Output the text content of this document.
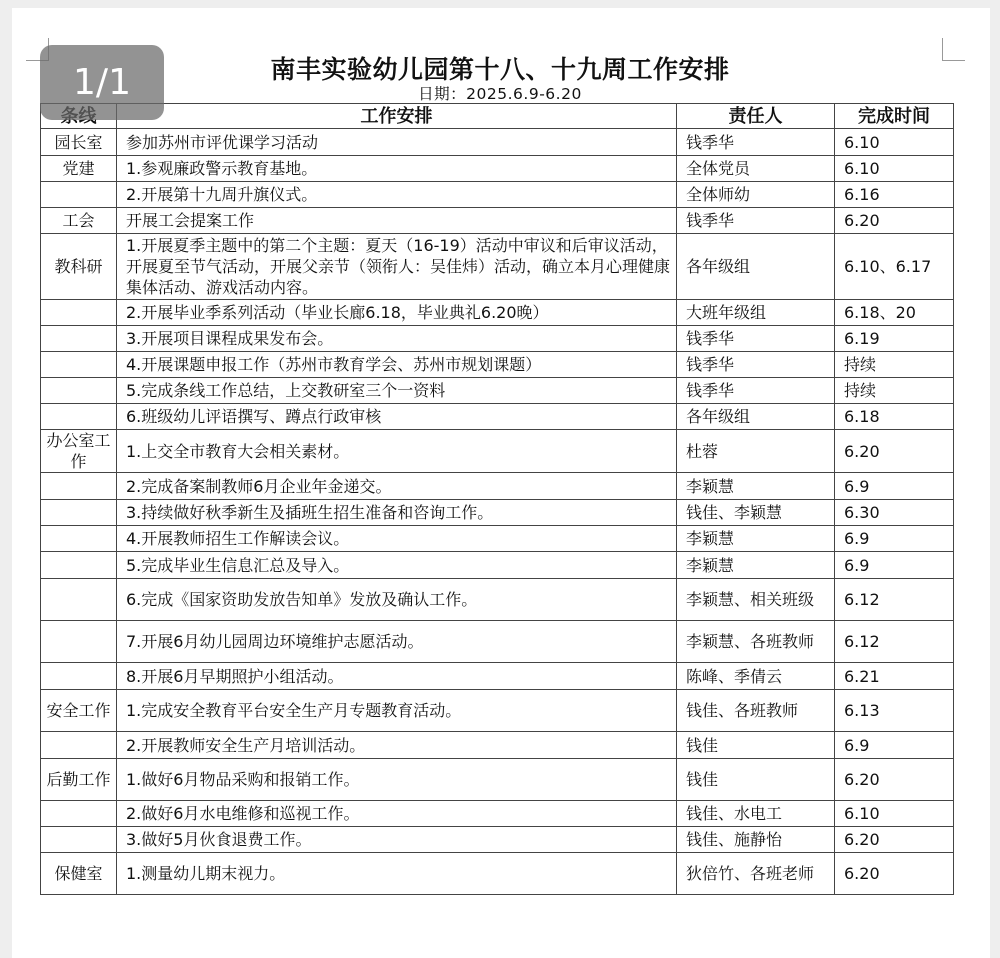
1/1	南丰实验幼儿园第十八、十九周工作安排
日期：2025.6.9-6.20
	工作安排	责任人	完成时间
园长室	参加苏州市评优课学习活动	钱季华	6.10
党建	1.参观廉政警示教育基地。	全体党员	6.10
	2.开展第十九周升旗仪式。	全体师幼	6.16
工会	开展工会提案工作	钱季华	6.20
教科研	1.开展夏季主题中的第二个主题：夏天（16-19）活动中审议和后审议活动，开展夏至节气活动，开展父亲节（领衔人：吴佳炜）活动，确立本月心理健康集体活动、游戏活动内容。	各年级组	6.10、6.17
	2.开展毕业季系列活动（毕业长廊6.18，毕业典礼6.20晚）	大班年级组	6.18、20
	3.开展项目课程成果发布会。	钱季华	6.19
	4.开展课题申报工作（苏州市教育学会、苏州市规划课题）	钱季华	持续
	5.完成条线工作总结，上交教研室三个一资料	钱季华	持续
	6.班级幼儿评语撰写、蹲点行政审核	各年级组	6.18
办公室工作	1.上交全市教育大会相关素材。	杜蓉	6.20
	2.完成备案制教师6月企业年金递交。	李颖慧	6.9
	3.持续做好秋季新生及插班生招生准备和咨询工作。	钱佳、李颖慧	6.30
	4.开展教师招生工作解读会议。	李颖慧	6.9
	5.完成毕业生信息汇总及导入。	李颖慧	6.9
	6.完成《国家资助发放告知单》发放及确认工作。	李颖慧、相关班级	6.12
	7.开展6月幼儿园周边环境维护志愿活动。	李颖慧、各班教师	6.12
	8.开展6月早期照护小组活动。	陈峰、季倩云	6.21
安全工作	1.完成安全教育平台安全生产月专题教育活动。	钱佳、各班教师	6.13
	2.开展教师安全生产月培训活动。	钱佳	6.9
后勤工作	1.做好6月物品采购和报销工作。	钱佳	6.20
	2.做好6月水电维修和巡视工作。	钱佳、水电工	6.10
	3.做好5月伙食退费工作。	钱佳、施静怡	6.20
保健室	1.测量幼儿期末视力。	狄倍竹、各班老师	6.20
